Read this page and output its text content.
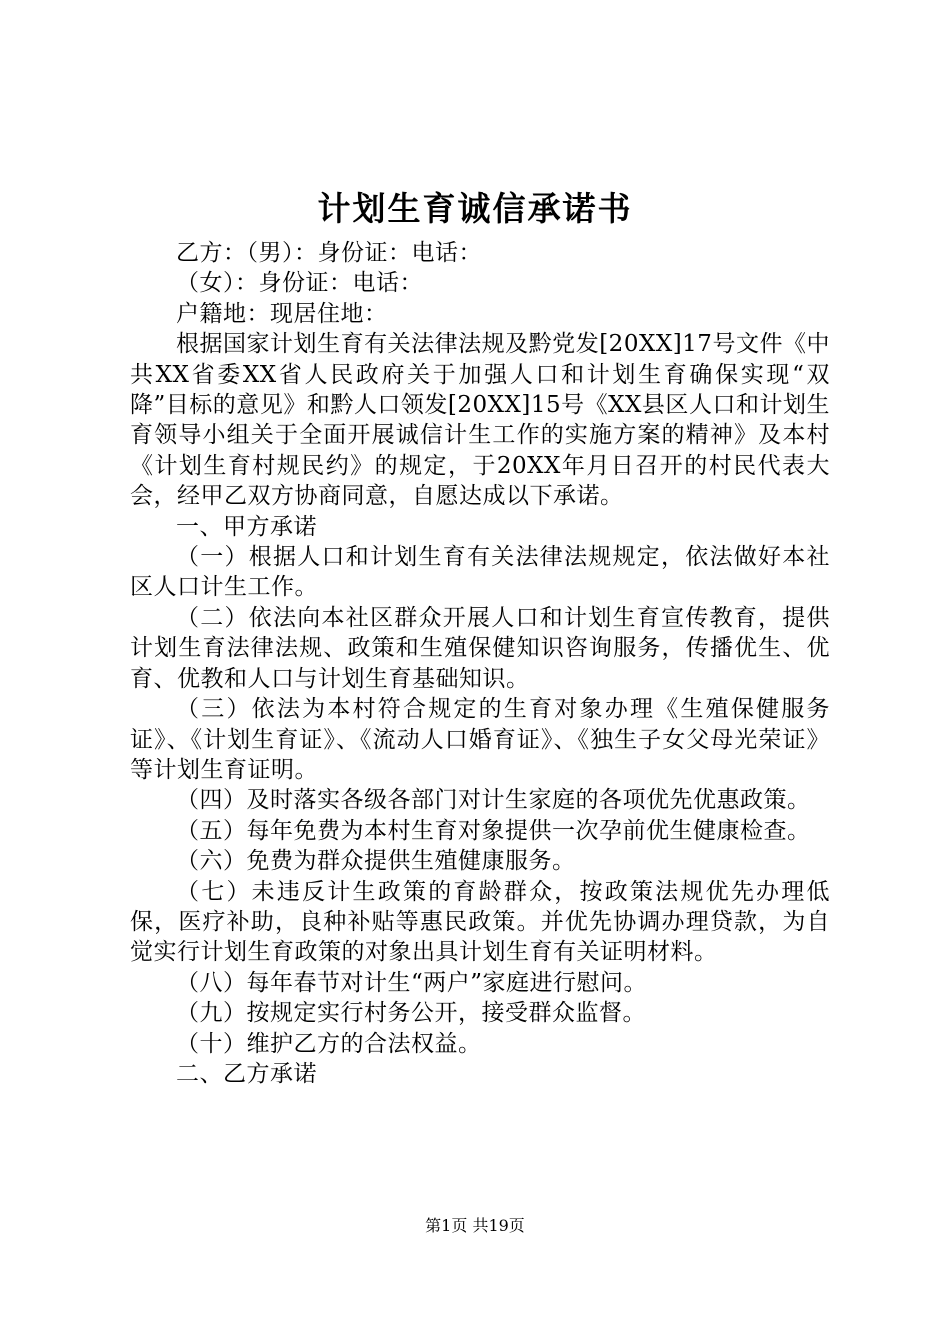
计划生育诚信承诺书

乙方：（男）：身份证：电话：

（女）：身份证：电话：

户籍地：现居住地：

根据国家计划生育有关法律法规及黔党发[20XX]17号文件《中共XX省委XX省人民政府关于加强人口和计划生育确保实现“双降”目标的意见》和黔人口领发[20XX]15号《XX县区人口和计划生育领导小组关于全面开展诚信计生工作的实施方案的精神》及本村《计划生育村规民约》的规定，于20XX年月日召开的村民代表大会，经甲乙双方协商同意，自愿达成以下承诺。

一、甲方承诺

（一）根据人口和计划生育有关法律法规规定，依法做好本社区人口计生工作。

（二）依法向本社区群众开展人口和计划生育宣传教育，提供计划生育法律法规、政策和生殖保健知识咨询服务，传播优生、优育、优教和人口与计划生育基础知识。

（三）依法为本村符合规定的生育对象办理《生殖保健服务证》、《计划生育证》、《流动人口婚育证》、《独生子女父母光荣证》等计划生育证明。

（四）及时落实各级各部门对计生家庭的各项优先优惠政策。

（五）每年免费为本村生育对象提供一次孕前优生健康检查。

（六）免费为群众提供生殖健康服务。

（七）未违反计生政策的育龄群众，按政策法规优先办理低保，医疗补助，良种补贴等惠民政策。并优先协调办理贷款，为自觉实行计划生育政策的对象出具计划生育有关证明材料。

（八）每年春节对计生“两户”家庭进行慰问。

（九）按规定实行村务公开，接受群众监督。

（十）维护乙方的合法权益。

二、乙方承诺

第1页 共19页
